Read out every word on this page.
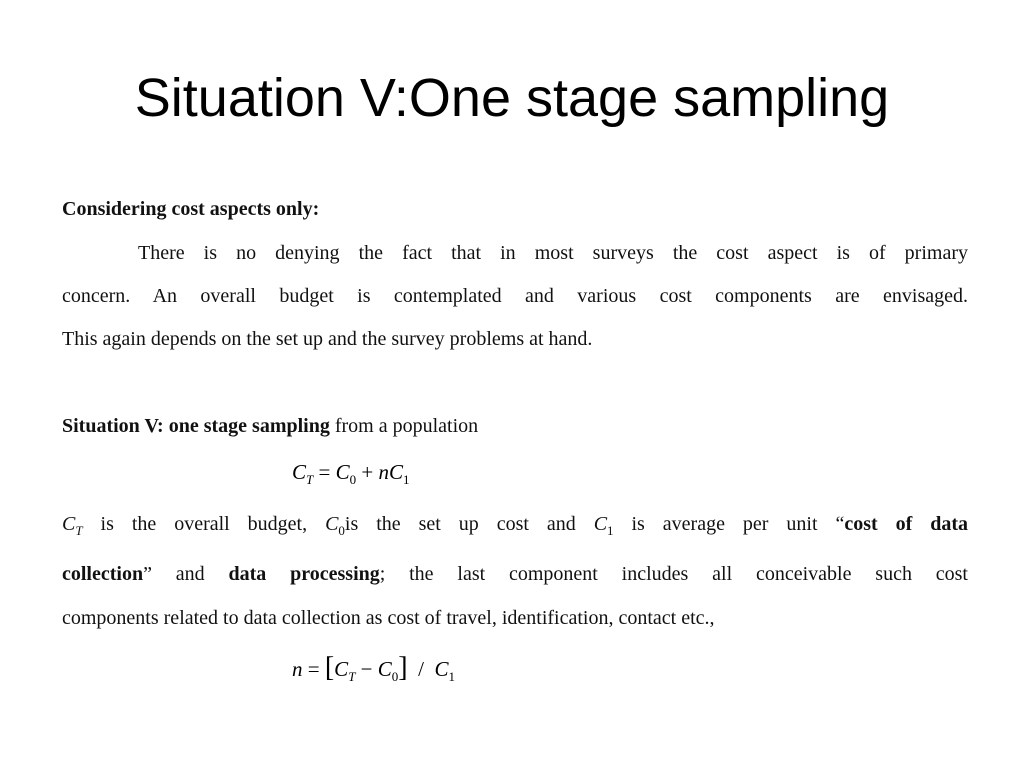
Situation V:One stage sampling
Considering cost aspects only:
There is no denying the fact that in most surveys the cost aspect is of primary
concern. An overall budget is contemplated and various cost components are envisaged.
This again depends on the set up and the survey problems at hand.
Situation V: one stage sampling from a population
$C_T = C_0 + nC_1$
$C_T$ is the overall budget, $C_0is$ the set up cost and $C_1$ is average per unit “cost of data
collection” and data processing; the last component includes all conceivable such cost
components related to data collection as cost of travel, identification, contact etc.,
$n = [C_T - C_0] / C_1$
